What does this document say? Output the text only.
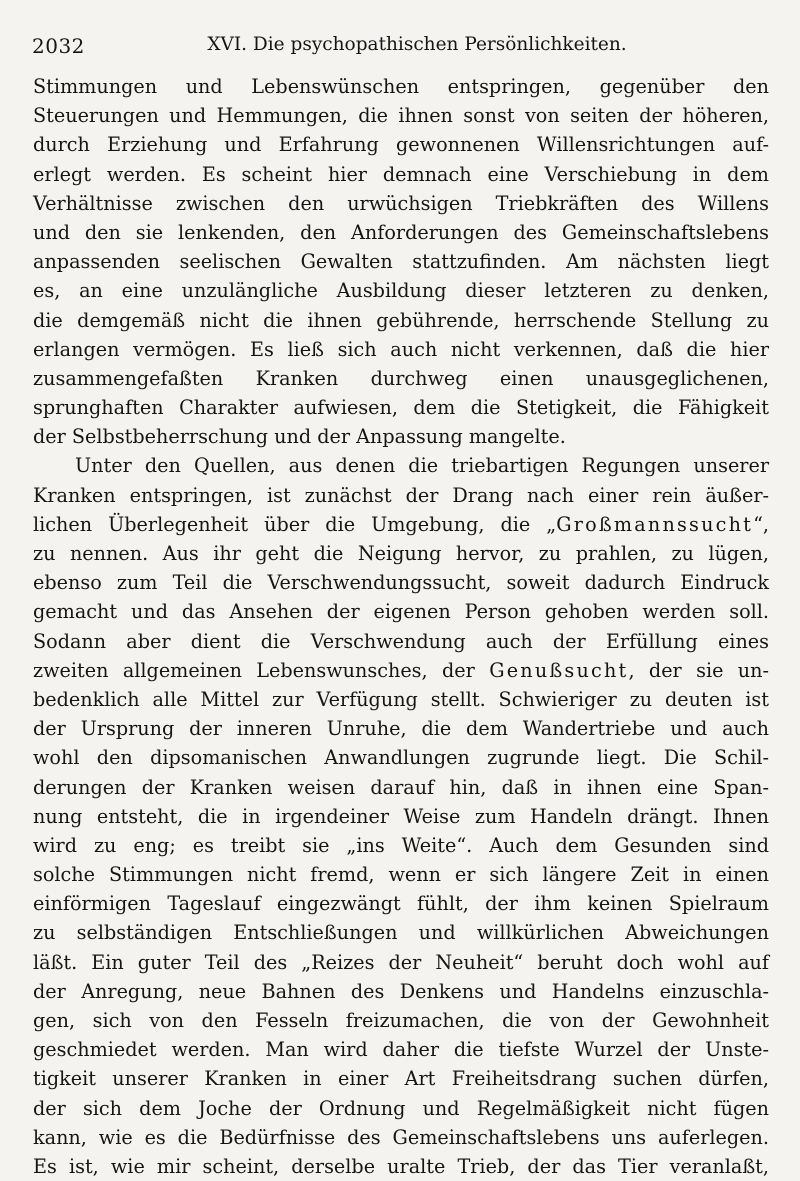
2032	XVI. Die psychopathischen Persönlichkeiten.
Stimmungen und Lebenswünschen entspringen, gegenüber den
Steuerungen und Hemmungen, die ihnen sonst von seiten der höheren,
durch Erziehung und Erfahrung gewonnenen Willensrichtungen auf-
erlegt werden. Es scheint hier demnach eine Verschiebung in dem
Verhältnisse zwischen den urwüchsigen Triebkräften des Willens
und den sie lenkenden, den Anforderungen des Gemeinschaftslebens
anpassenden seelischen Gewalten stattzufinden. Am nächsten liegt
es, an eine unzulängliche Ausbildung dieser letzteren zu denken,
die demgemäß nicht die ihnen gebührende, herrschende Stellung zu
erlangen vermögen. Es ließ sich auch nicht verkennen, daß die hier
zusammengefaßten Kranken durchweg einen unausgeglichenen,
sprunghaften Charakter aufwiesen, dem die Stetigkeit, die Fähigkeit
der Selbstbeherrschung und der Anpassung mangelte.
Unter den Quellen, aus denen die triebartigen Regungen unserer
Kranken entspringen, ist zunächst der Drang nach einer rein äußer-
lichen Überlegenheit über die Umgebung, die „Großmannssucht“,
zu nennen. Aus ihr geht die Neigung hervor, zu prahlen, zu lügen,
ebenso zum Teil die Verschwendungssucht, soweit dadurch Eindruck
gemacht und das Ansehen der eigenen Person gehoben werden soll.
Sodann aber dient die Verschwendung auch der Erfüllung eines
zweiten allgemeinen Lebenswunsches, der Genußsucht, der sie un-
bedenklich alle Mittel zur Verfügung stellt. Schwieriger zu deuten ist
der Ursprung der inneren Unruhe, die dem Wandertriebe und auch
wohl den dipsomanischen Anwandlungen zugrunde liegt. Die Schil-
derungen der Kranken weisen darauf hin, daß in ihnen eine Span-
nung entsteht, die in irgendeiner Weise zum Handeln drängt. Ihnen
wird zu eng; es treibt sie „ins Weite“. Auch dem Gesunden sind
solche Stimmungen nicht fremd, wenn er sich längere Zeit in einen
einförmigen Tageslauf eingezwängt fühlt, der ihm keinen Spielraum
zu selbständigen Entschließungen und willkürlichen Abweichungen
läßt. Ein guter Teil des „Reizes der Neuheit“ beruht doch wohl auf
der Anregung, neue Bahnen des Denkens und Handelns einzuschla-
gen, sich von den Fesseln freizumachen, die von der Gewohnheit
geschmiedet werden. Man wird daher die tiefste Wurzel der Unste-
tigkeit unserer Kranken in einer Art Freiheitsdrang suchen dürfen,
der sich dem Joche der Ordnung und Regelmäßigkeit nicht fügen
kann, wie es die Bedürfnisse des Gemeinschaftslebens uns auferlegen.
Es ist, wie mir scheint, derselbe uralte Trieb, der das Tier veranlaßt,
